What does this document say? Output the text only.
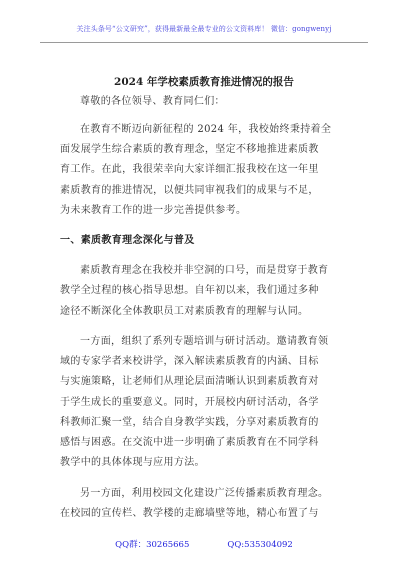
关注头条号“公文研究”，获得最新最全最专业的公文资料库！ 微信：gongwenyj
2024 年学校素质教育推进情况的报告
尊敬的各位领导、教育同仁们：
在教育不断迈向新征程的 2024 年，我校始终秉持着全
面发展学生综合素质的教育理念，坚定不移地推进素质教
育工作。在此，我很荣幸向大家详细汇报我校在这一年里
素质教育的推进情况，以便共同审视我们的成果与不足，
为未来教育工作的进一步完善提供参考。
一、素质教育理念深化与普及
素质教育理念在我校并非空洞的口号，而是贯穿于教育
教学全过程的核心指导思想。自年初以来，我们通过多种
途径不断深化全体教职员工对素质教育的理解与认同。
一方面，组织了系列专题培训与研讨活动。邀请教育领
域的专家学者来校讲学，深入解读素质教育的内涵、目标
与实施策略，让老师们从理论层面清晰认识到素质教育对
于学生成长的重要意义。同时，开展校内研讨活动，各学
科教师汇聚一堂，结合自身教学实践，分享对素质教育的
感悟与困惑。在交流中进一步明确了素质教育在不同学科
教学中的具体体现与应用方法。
另一方面，利用校园文化建设广泛传播素质教育理念。
在校园的宣传栏、教学楼的走廊墙壁等地，精心布置了与
QQ群：30265665	QQ:535304092
